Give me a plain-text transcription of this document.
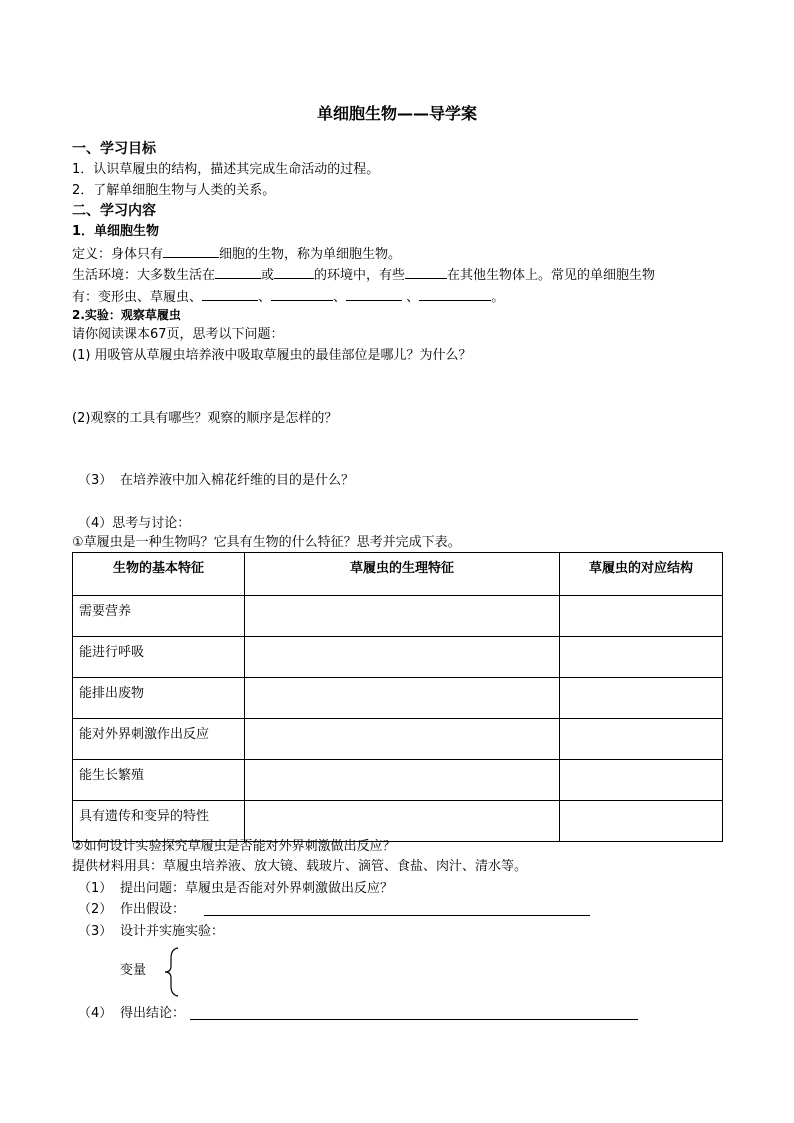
单细胞生物——导学案
一、学习目标
1．认识草履虫的结构，描述其完成生命活动的过程。
2．了解单细胞生物与人类的关系。
二、学习内容
1．单细胞生物
定义：身体只有	细胞的生物，称为单细胞生物。
生活环境：大多数生活在	或	的环境中，有些	在其他生物体上。常见的单细胞生物
有：变形虫、草履虫、	、	、	、	。
2.实验：观察草履虫
请你阅读课本67页，思考以下问题：
(1) 用吸管从草履虫培养液中吸取草履虫的最佳部位是哪儿？为什么？
(2)观察的工具有哪些？观察的顺序是怎样的？
（3） 在培养液中加入棉花纤维的目的是什么？
（4）思考与讨论：
①草履虫是一种生物吗？它具有生物的什么特征？思考并完成下表。
生物的基本特征	草履虫的生理特征	草履虫的对应结构
需要营养		
能进行呼吸		
能排出废物		
能对外界刺激作出反应		
能生长繁殖		
具有遗传和变异的特性		
②如何设计实验探究草履虫是否能对外界刺激做出反应？
提供材料用具：草履虫培养液、放大镜、载玻片、滴管、食盐、肉汁、清水等。
（1） 提出问题：草履虫是否能对外界刺激做出反应？
（2） 作出假设：
（3） 设计并实施实验：
变量
（4） 得出结论：
